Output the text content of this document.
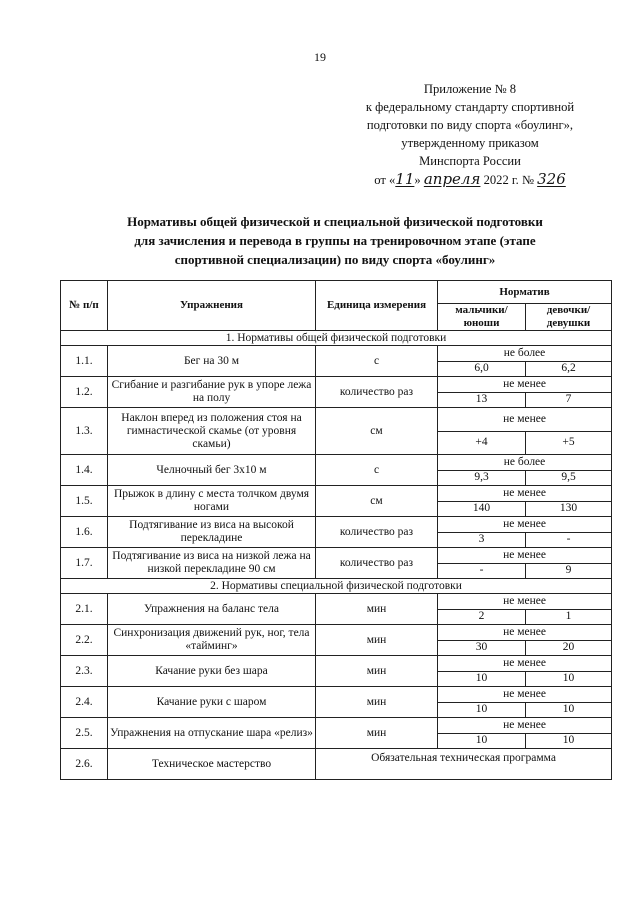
19
Приложение № 8
к федеральному стандарту спортивной
подготовки по виду спорта «боулинг»,
утвержденному приказом
Минспорта России
от «11» апреля 2022 г. № 326
Нормативы общей физической и специальной физической подготовки
для зачисления и перевода в группы на тренировочном этапе (этапе
спортивной специализации) по виду спорта «боулинг»
№ п/п	Упражнения	Единица измерения	Норматив	
			мальчики/ юноши	девочки/ девушки
1. Нормативы общей физической подготовки				
1.1.	Бег на 30 м	с	не более	
			6,0	6,2
1.2.	Сгибание и разгибание рук в упоре лежа на полу	количество раз	не менее	
			13	7
1.3.	Наклон вперед из положения стоя на гимнастической скамье (от уровня скамьи)	см	не менее	
			+4	+5
1.4.	Челночный бег 3х10 м	с	не более	
			9,3	9,5
1.5.	Прыжок в длину с места толчком двумя ногами	см	не менее	
			140	130
1.6.	Подтягивание из виса на высокой перекладине	количество раз	не менее	
			3	-
1.7.	Подтягивание из виса на низкой лежа на низкой перекладине 90 см	количество раз	не менее	
			-	9
2. Нормативы специальной физической подготовки				
2.1.	Упражнения на баланс тела	мин	не менее	
			2	1
2.2.	Синхронизация движений рук, ног, тела «тайминг»	мин	не менее	
			30	20
2.3.	Качание руки без шара	мин	не менее	
			10	10
2.4.	Качание руки с шаром	мин	не менее	
			10	10
2.5.	Упражнения на отпускание шара «релиз»	мин	не менее	
			10	10
2.6.	Техническое мастерство	Обязательная техническая программа		
